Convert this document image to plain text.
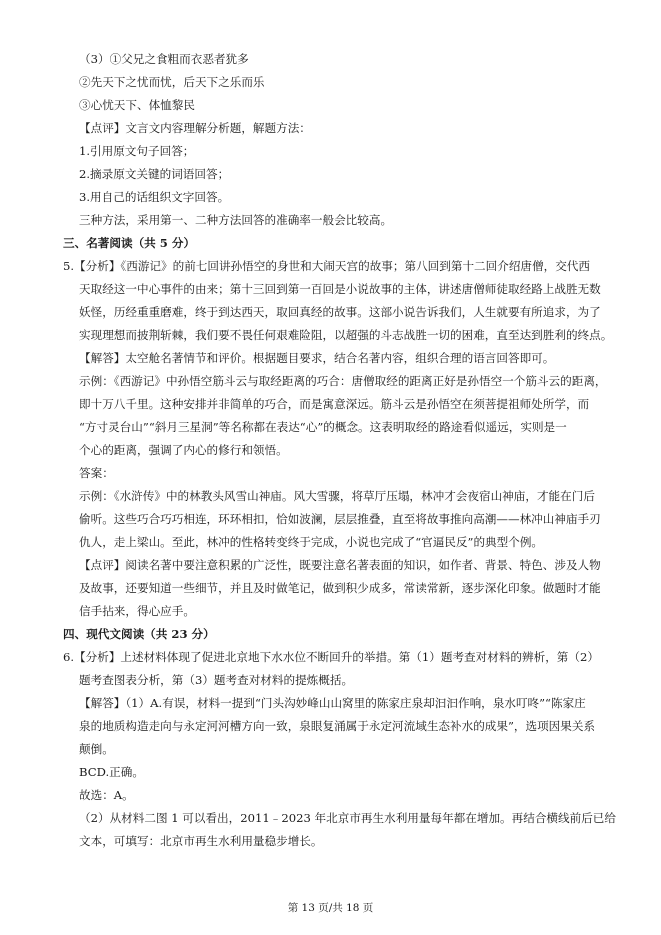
（3）①父兄之食粗而衣恶者犹多
②先天下之忧而忧，后天下之乐而乐
③心忧天下、体恤黎民
【点评】文言文内容理解分析题，解题方法：
1.引用原文句子回答；
2.摘录原文关键的词语回答；
3.用自己的话组织文字回答。
三种方法，采用第一、二种方法回答的准确率一般会比较高。
三、名著阅读（共 5 分）
5.【分析】《西游记》的前七回讲孙悟空的身世和大闹天宫的故事；第八回到第十二回介绍唐僧，交代西
天取经这一中心事件的由来；第十三回到第一百回是小说故事的主体，讲述唐僧师徒取经路上战胜无数
妖怪，历经重重磨难，终于到达西天，取回真经的故事。这部小说告诉我们，人生就要有所追求，为了
实现理想而披荆斩棘，我们要不畏任何艰难险阻，以超强的斗志战胜一切的困难，直至达到胜利的终点。
【解答】太空舱名著情节和评价。根据题目要求，结合名著内容，组织合理的语言回答即可。
示例：《西游记》中孙悟空筋斗云与取经距离的巧合：唐僧取经的距离正好是孙悟空一个筋斗云的距离，
即十万八千里。这种安排并非简单的巧合，而是寓意深远。筋斗云是孙悟空在须菩提祖师处所学，而
“方寸灵台山”“斜月三星洞”等名称都在表达“心”的概念。这表明取经的路途看似遥远，实则是一
个心的距离，强调了内心的修行和领悟。
答案：
示例：《水浒传》中的林教头风雪山神庙。风大雪骤，将草厅压塌，林冲才会夜宿山神庙，才能在门后
偷听。这些巧合巧巧相连，环环相扣，恰如波澜，层层推叠，直至将故事推向高潮——林冲山神庙手刃
仇人，走上梁山。至此，林冲的性格转变终于完成，小说也完成了“官逼民反”的典型个例。
【点评】阅读名著中要注意积累的广泛性，既要注意名著表面的知识，如作者、背景、特色、涉及人物
及故事，还要知道一些细节，并且及时做笔记，做到积少成多，常读常新，逐步深化印象。做题时才能
信手拈来，得心应手。
四、现代文阅读（共 23 分）
6.【分析】上述材料体现了促进北京地下水水位不断回升的举措。第（1）题考查对材料的辨析，第（2）
题考查图表分析，第（3）题考查对材料的提炼概括。
【解答】（1）A.有误，材料一提到“门头沟妙峰山山窝里的陈家庄泉却汩汩作响，泉水叮咚”“陈家庄
泉的地质构造走向与永定河河槽方向一致，泉眼复涌属于永定河流域生态补水的成果”，选项因果关系
颠倒。
BCD.正确。
故选：A。
（2）从材料二图 1 可以看出，2011﹣2023 年北京市再生水利用量每年都在增加。再结合横线前后已给
文本，可填写：北京市再生水利用量稳步增长。
第 13 页/共 18 页
